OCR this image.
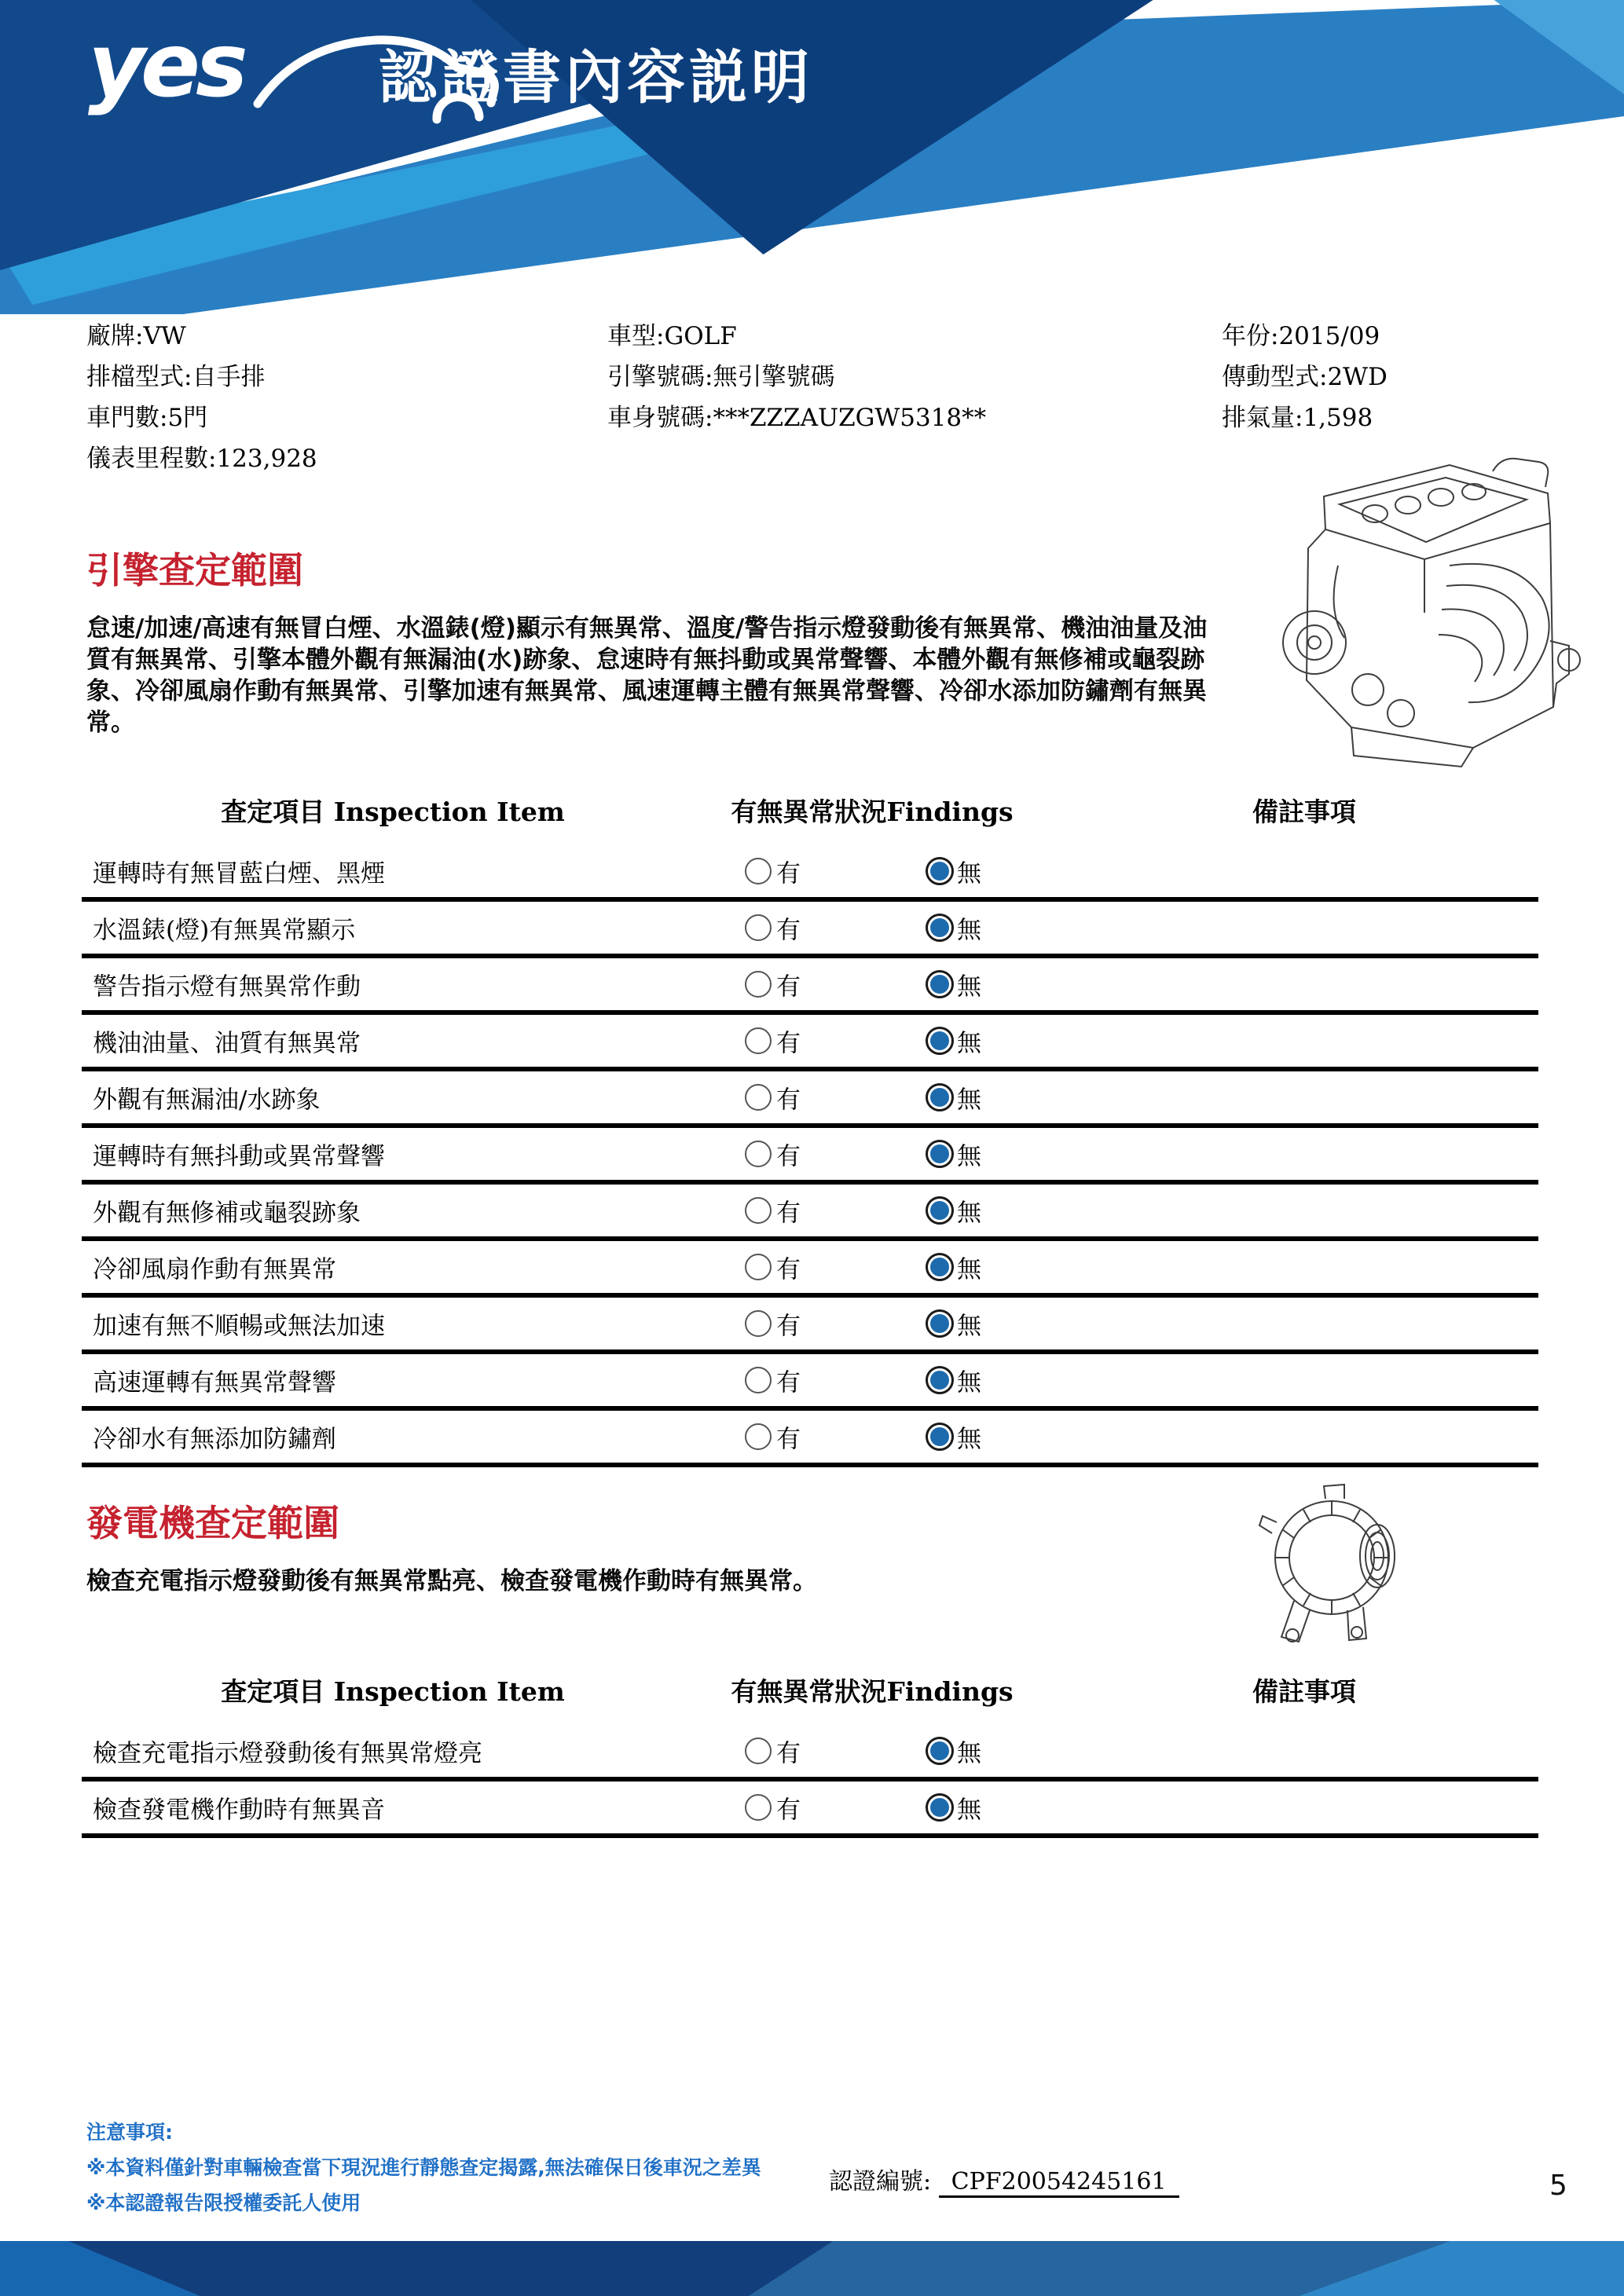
yes 認證書內容説明
廠牌:VW
排檔型式:自手排
車門數:5門
儀表里程數:123,928
車型:GOLF
引擎號碼:無引擎號碼
車身號碼:***ZZZAUZGW5318**
年份:2015/09
傳動型式:2WD
排氣量:1,598
引擎查定範圍
怠速/加速/高速有無冒白煙、水溫錶(燈)顯示有無異常、溫度/警告指示燈發動後有無異常、機油油量及油質有無異常、引擎本體外觀有無漏油(水)跡象、怠速時有無抖動或異常聲響、本體外觀有無修補或龜裂跡象、冷卻風扇作動有無異常、引擎加速有無異常、風速運轉主體有無異常聲響、冷卻水添加防鏽劑有無異常。
查定項目 Inspection Item	有無異常狀況Findings	備註事項
運轉時有無冒藍白煙、黑煙	有	無
水溫錶(燈)有無異常顯示	有	無
警告指示燈有無異常作動	有	無
機油油量、油質有無異常	有	無
外觀有無漏油/水跡象	有	無
運轉時有無抖動或異常聲響	有	無
外觀有無修補或龜裂跡象	有	無
冷卻風扇作動有無異常	有	無
加速有無不順暢或無法加速	有	無
高速運轉有無異常聲響	有	無
冷卻水有無添加防鏽劑	有	無
發電機查定範圍
檢查充電指示燈發動後有無異常點亮、檢查發電機作動時有無異常。
查定項目 Inspection Item	有無異常狀況Findings	備註事項
檢查充電指示燈發動後有無異常燈亮	有	無
檢查發電機作動時有無異音	有	無
注意事項:
※本資料僅針對車輛檢查當下現況進行靜態查定揭露,無法確保日後車況之差異
※本認證報告限授權委託人使用
認證編號: CPF20054245161	5
